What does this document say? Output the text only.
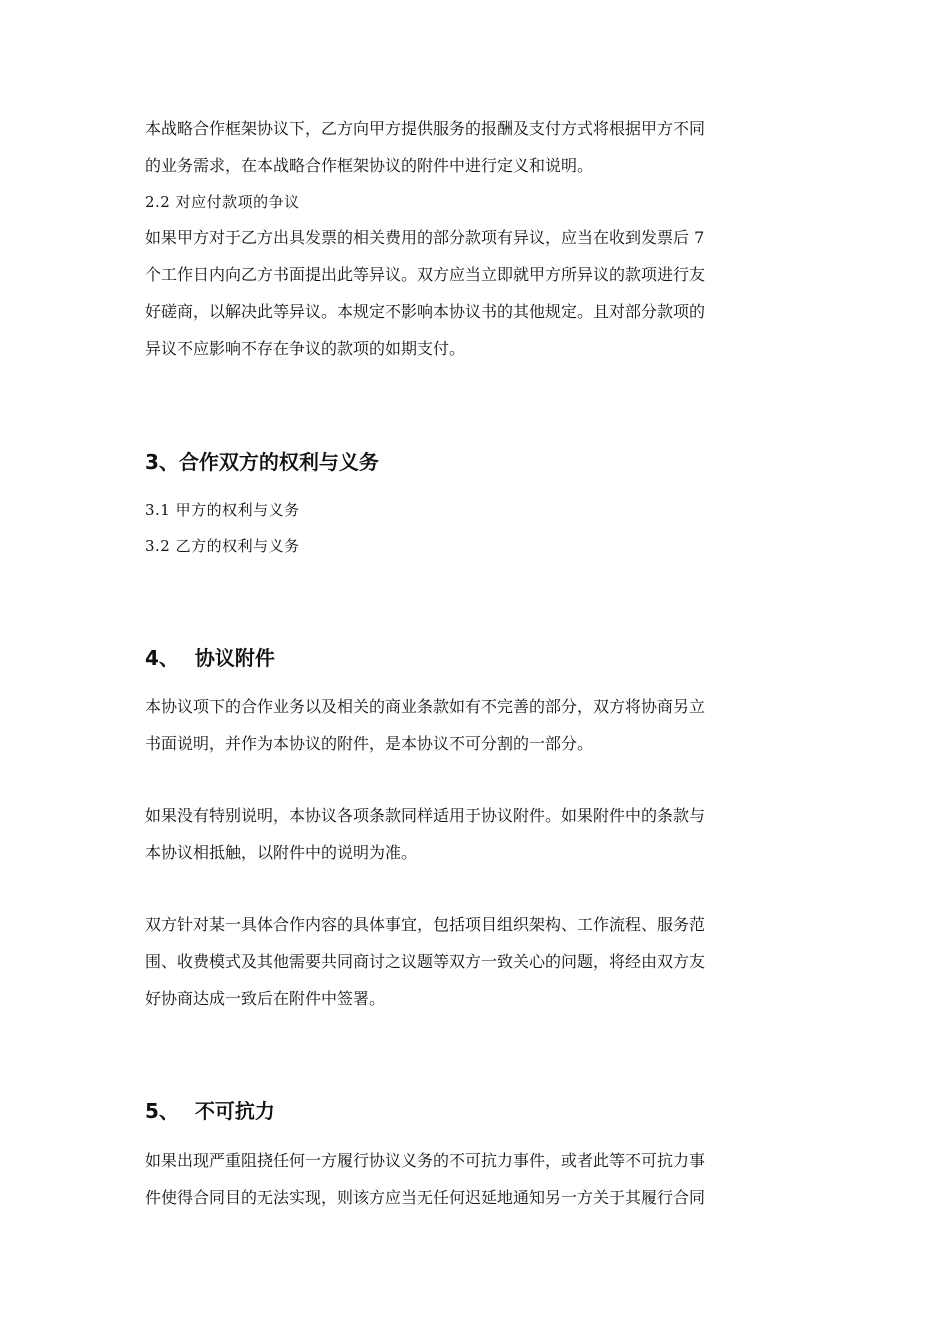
本战略合作框架协议下，乙方向甲方提供服务的报酬及支付方式将根据甲方不同
的业务需求，在本战略合作框架协议的附件中进行定义和说明。
2.2 对应付款项的争议
如果甲方对于乙方出具发票的相关费用的部分款项有异议，应当在收到发票后 7
个工作日内向乙方书面提出此等异议。双方应当立即就甲方所异议的款项进行友
好磋商，以解决此等异议。本规定不影响本协议书的其他规定。且对部分款项的
异议不应影响不存在争议的款项的如期支付。
3、合作双方的权利与义务
3.1 甲方的权利与义务
3.2 乙方的权利与义务
4、 协议附件
本协议项下的合作业务以及相关的商业条款如有不完善的部分，双方将协商另立
书面说明，并作为本协议的附件，是本协议不可分割的一部分。
如果没有特别说明，本协议各项条款同样适用于协议附件。如果附件中的条款与
本协议相抵触，以附件中的说明为准。
双方针对某一具体合作内容的具体事宜，包括项目组织架构、工作流程、服务范
围、收费模式及其他需要共同商讨之议题等双方一致关心的问题，将经由双方友
好协商达成一致后在附件中签署。
5、 不可抗力
如果出现严重阻挠任何一方履行协议义务的不可抗力事件，或者此等不可抗力事
件使得合同目的无法实现，则该方应当无任何迟延地通知另一方关于其履行合同
